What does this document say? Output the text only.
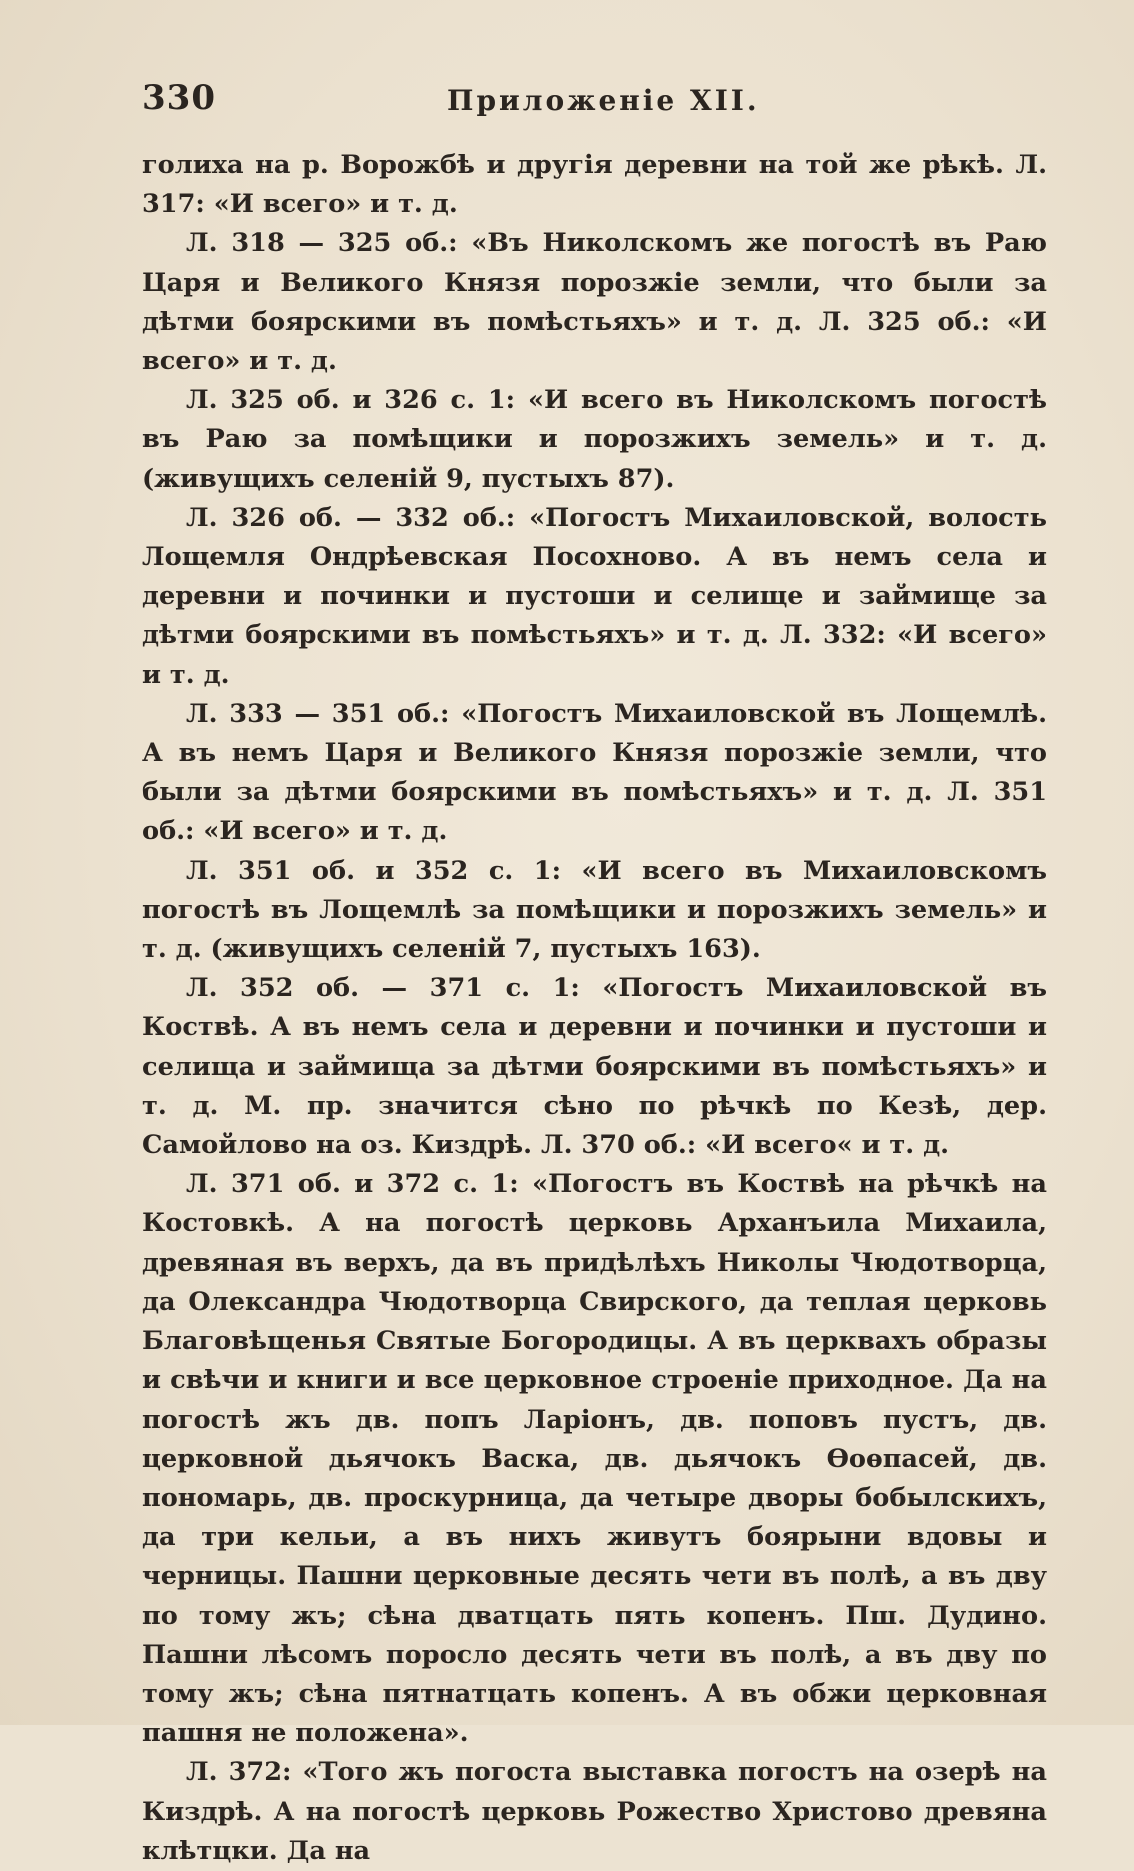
330	Приложеніе XII.

голиха на р. Ворожбѣ и другія деревни на той же рѣкѣ. Л. 317: «И всего» и т. д.

Л. 318 — 325 об.: «Въ Николскомъ же погостѣ въ Раю Царя и Великого Князя порозжіе земли, что были за дѣтми боярскими въ помѣстьяхъ» и т. д. Л. 325 об.: «И всего» и т. д.

Л. 325 об. и 326 с. 1: «И всего въ Николскомъ погостѣ въ Раю за помѣщики и порозжихъ земель» и т. д. (живущихъ селеній 9, пустыхъ 87).

Л. 326 об. — 332 об.: «Погостъ Михаиловской, волость Лощемля Ондрѣевская Посохново. А въ немъ села и деревни и починки и пустоши и селище и займище за дѣтми боярскими въ помѣстьяхъ» и т. д. Л. 332: «И всего» и т. д.

Л. 333 — 351 об.: «Погостъ Михаиловской въ Лощемлѣ. А въ немъ Царя и Великого Князя порозжіе земли, что были за дѣтми боярскими въ помѣстьяхъ» и т. д. Л. 351 об.: «И всего» и т. д.

Л. 351 об. и 352 с. 1: «И всего въ Михаиловскомъ погостѣ въ Лощемлѣ за помѣщики и порозжихъ земель» и т. д. (живущихъ селеній 7, пустыхъ 163).

Л. 352 об. — 371 с. 1: «Погостъ Михаиловской въ Коствѣ. А въ немъ села и деревни и починки и пустоши и селища и займища за дѣтми боярскими въ помѣстьяхъ» и т. д. М. пр. значится сѣно по рѣчкѣ по Кезѣ, дер. Самойлово на оз. Киздрѣ. Л. 370 об.: «И всего« и т. д.

Л. 371 об. и 372 с. 1: «Погостъ въ Коствѣ на рѣчкѣ на Костовкѣ. А на погостѣ церковь Арханъила Михаила, древяная въ верхъ, да въ придѣлѣхъ Николы Чюдотворца, да Олександра Чюдотворца Свирского, да теплая церковь Благовѣщенья Святые Богородицы. А въ церквахъ образы и свѣчи и книги и все церковное строеніе приходное. Да на погостѣ жъ дв. попъ Ларіонъ, дв. поповъ пустъ, дв. церковной дьячокъ Васка, дв. дьячокъ Ѳоѳпасей, дв. пономарь, дв. проскурница, да четыре дворы бобылскихъ, да три кельи, а въ нихъ живутъ боярыни вдовы и черницы. Пашни церковные десять чети въ полѣ, а въ дву по тому жъ; сѣна дватцать пять копенъ. Пш. Дудино. Пашни лѣсомъ поросло десять чети въ полѣ, а въ дву по тому жъ; сѣна пятнатцать копенъ. А въ обжи церковная пашня не положена».

Л. 372: «Того жъ погоста выставка погостъ на озерѣ на Киздрѣ. А на погостѣ церковь Рожество Христово древяна клѣтцки. Да на
